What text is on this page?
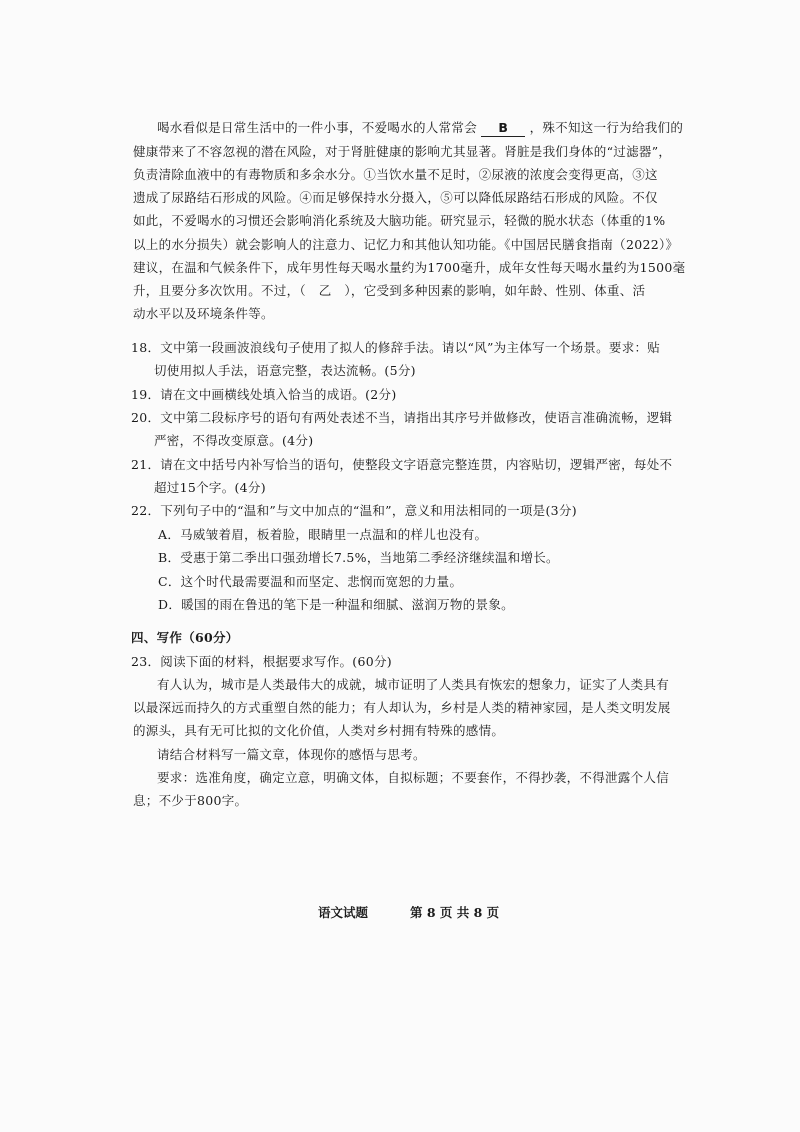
喝水看似是日常生活中的一件小事，不爱喝水的人常常会 B ，殊不知这一行为给我们的
健康带来了不容忽视的潜在风险，对于肾脏健康的影响尤其显著。肾脏是我们身体的“过滤器”，
负责清除血液中的有毒物质和多余水分。①当饮水量不足时，②尿液的浓度会变得更高，③这
遗成了尿路结石形成的风险。④而足够保持水分摄入，⑤可以降低尿路结石形成的风险。不仅
如此，不爱喝水的习惯还会影响消化系统及大脑功能。研究显示，轻微的脱水状态（体重的1%
以上的水分损失）就会影响人的注意力、记忆力和其他认知功能。《中国居民膳食指南（2022）》
建议，在温和气候条件下，成年男性每天喝水量约为1700毫升，成年女性每天喝水量约为1500毫
升，且要分多次饮用。不过，（　乙　），它受到多种因素的影响，如年龄、性别、体重、活
动水平以及环境条件等。
18．文中第一段画波浪线句子使用了拟人的修辞手法。请以“风”为主体写一个场景。要求：贴
切使用拟人手法，语意完整，表达流畅。(5分)
19．请在文中画横线处填入恰当的成语。(2分)
20．文中第二段标序号的语句有两处表述不当，请指出其序号并做修改，使语言准确流畅，逻辑
严密，不得改变原意。(4分)
21．请在文中括号内补写恰当的语句，使整段文字语意完整连贯，内容贴切，逻辑严密，每处不
超过15个字。(4分)
22．下列句子中的“温和”与文中加点的“温和”，意义和用法相同的一项是(3分)
A．马威皱着眉，板着脸，眼睛里一点温和的样儿也没有。
B．受惠于第二季出口强劲增长7.5%，当地第二季经济继续温和增长。
C．这个时代最需要温和而坚定、悲悯而宽恕的力量。
D．暖国的雨在鲁迅的笔下是一种温和细腻、滋润万物的景象。
四、写作（60分）
23．阅读下面的材料，根据要求写作。(60分)
有人认为，城市是人类最伟大的成就，城市证明了人类具有恢宏的想象力，证实了人类具有
以最深远而持久的方式重塑自然的能力；有人却认为，乡村是人类的精神家园，是人类文明发展
的源头，具有无可比拟的文化价值，人类对乡村拥有特殊的感情。
请结合材料写一篇文章，体现你的感悟与思考。
要求：选准角度，确定立意，明确文体，自拟标题；不要套作，不得抄袭，不得泄露个人信
息；不少于800字。
语文试题	第 8 页 共 8 页
